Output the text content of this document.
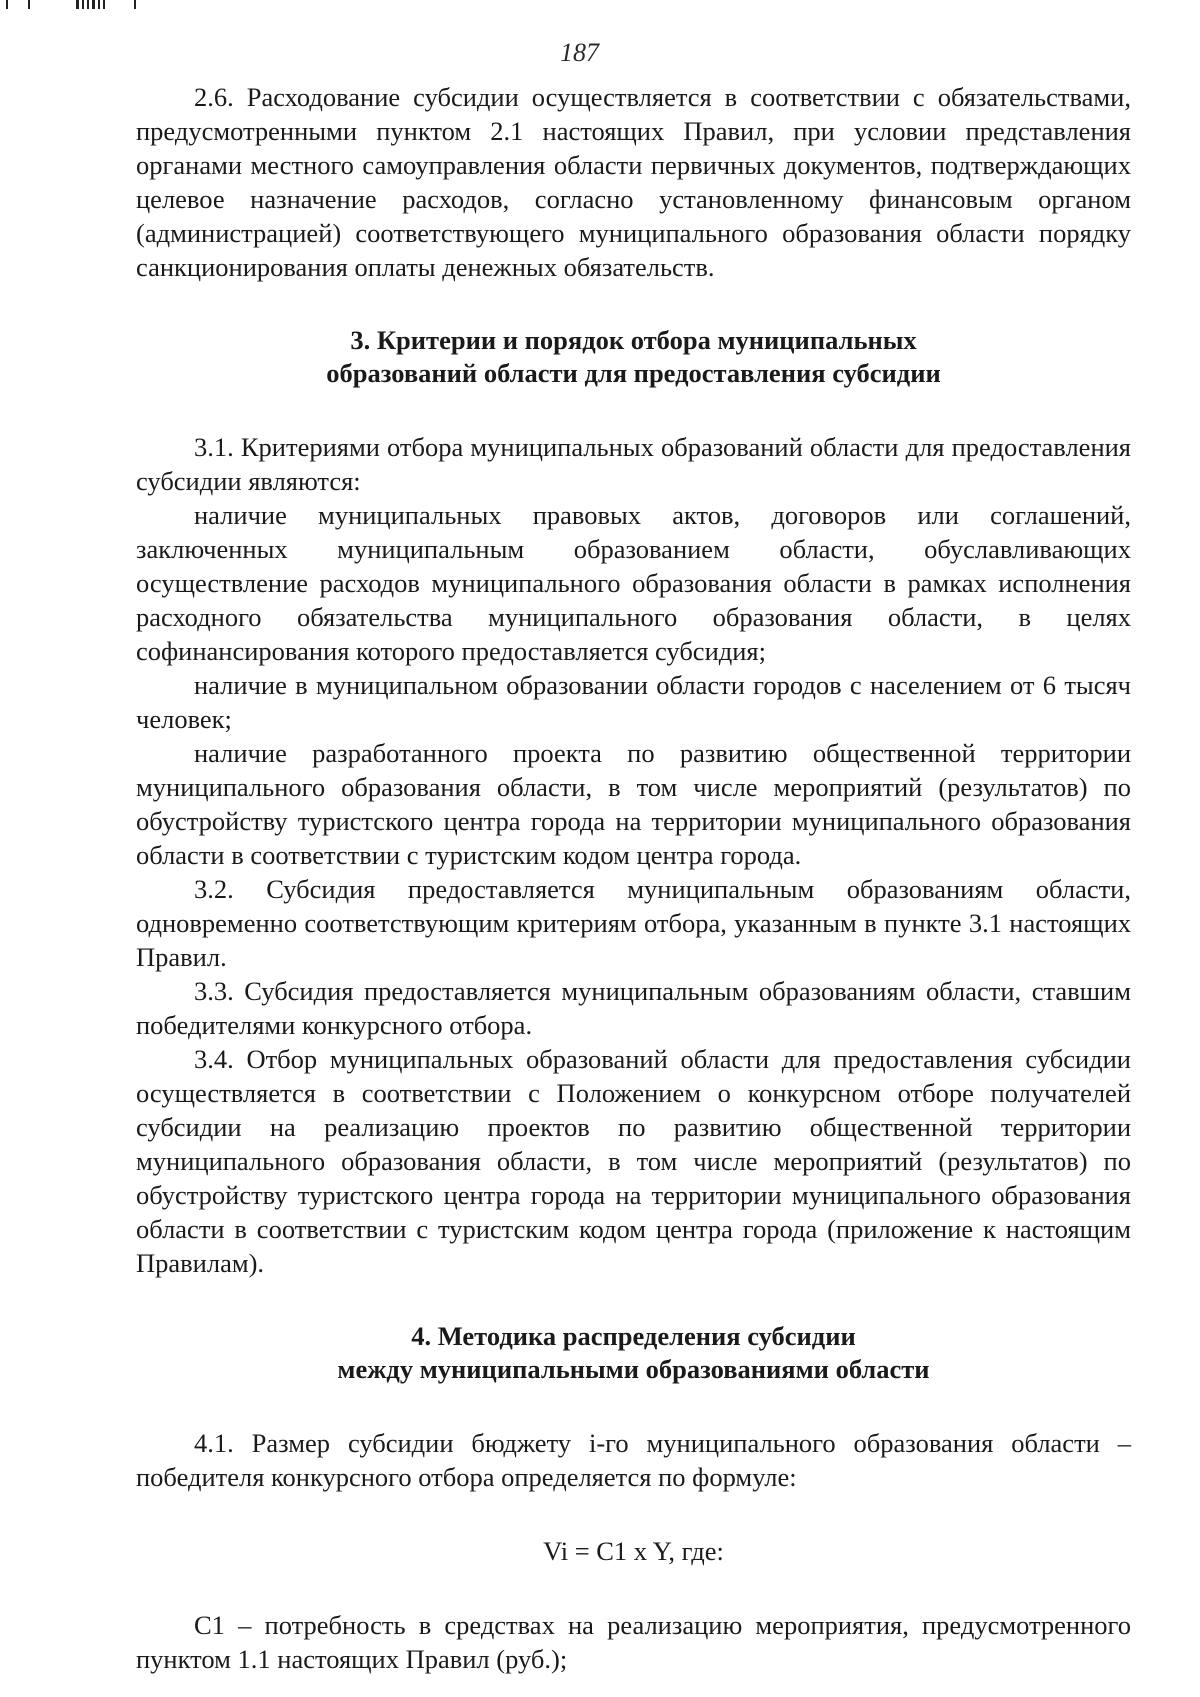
187

2.6. Расходование субсидии осуществляется в соответствии с обязательствами, предусмотренными пунктом 2.1 настоящих Правил, при условии представления органами местного самоуправления области первичных документов, подтверждающих целевое назначение расходов, согласно установленному финансовым органом (администрацией) соответствующего муниципального образования области порядку санкционирования оплаты денежных обязательств.

3. Критерии и порядок отбора муниципальных
образований области для предоставления субсидии

3.1. Критериями отбора муниципальных образований области для предоставления субсидии являются:

наличие муниципальных правовых актов, договоров или соглашений, заключенных муниципальным образованием области, обуславливающих осуществление расходов муниципального образования области в рамках исполнения расходного обязательства муниципального образования области, в целях софинансирования которого предоставляется субсидия;

наличие в муниципальном образовании области городов с населением от 6 тысяч человек;

наличие разработанного проекта по развитию общественной территории муниципального образования области, в том числе мероприятий (результатов) по обустройству туристского центра города на территории муниципального образования области в соответствии с туристским кодом центра города.

3.2. Субсидия предоставляется муниципальным образованиям области, одновременно соответствующим критериям отбора, указанным в пункте 3.1 настоящих Правил.

3.3. Субсидия предоставляется муниципальным образованиям области, ставшим победителями конкурсного отбора.

3.4. Отбор муниципальных образований области для предоставления субсидии осуществляется в соответствии с Положением о конкурсном отборе получателей субсидии на реализацию проектов по развитию общественной территории муниципального образования области, в том числе мероприятий (результатов) по обустройству туристского центра города на территории муниципального образования области в соответствии с туристским кодом центра города (приложение к настоящим Правилам).

4. Методика распределения субсидии
между муниципальными образованиями области

4.1. Размер субсидии бюджету i-го муниципального образования области – победителя конкурсного отбора определяется по формуле:

Vi = C1 x Y, где:

C1 – потребность в средствах на реализацию мероприятия, предусмотренного пунктом 1.1 настоящих Правил (руб.);
